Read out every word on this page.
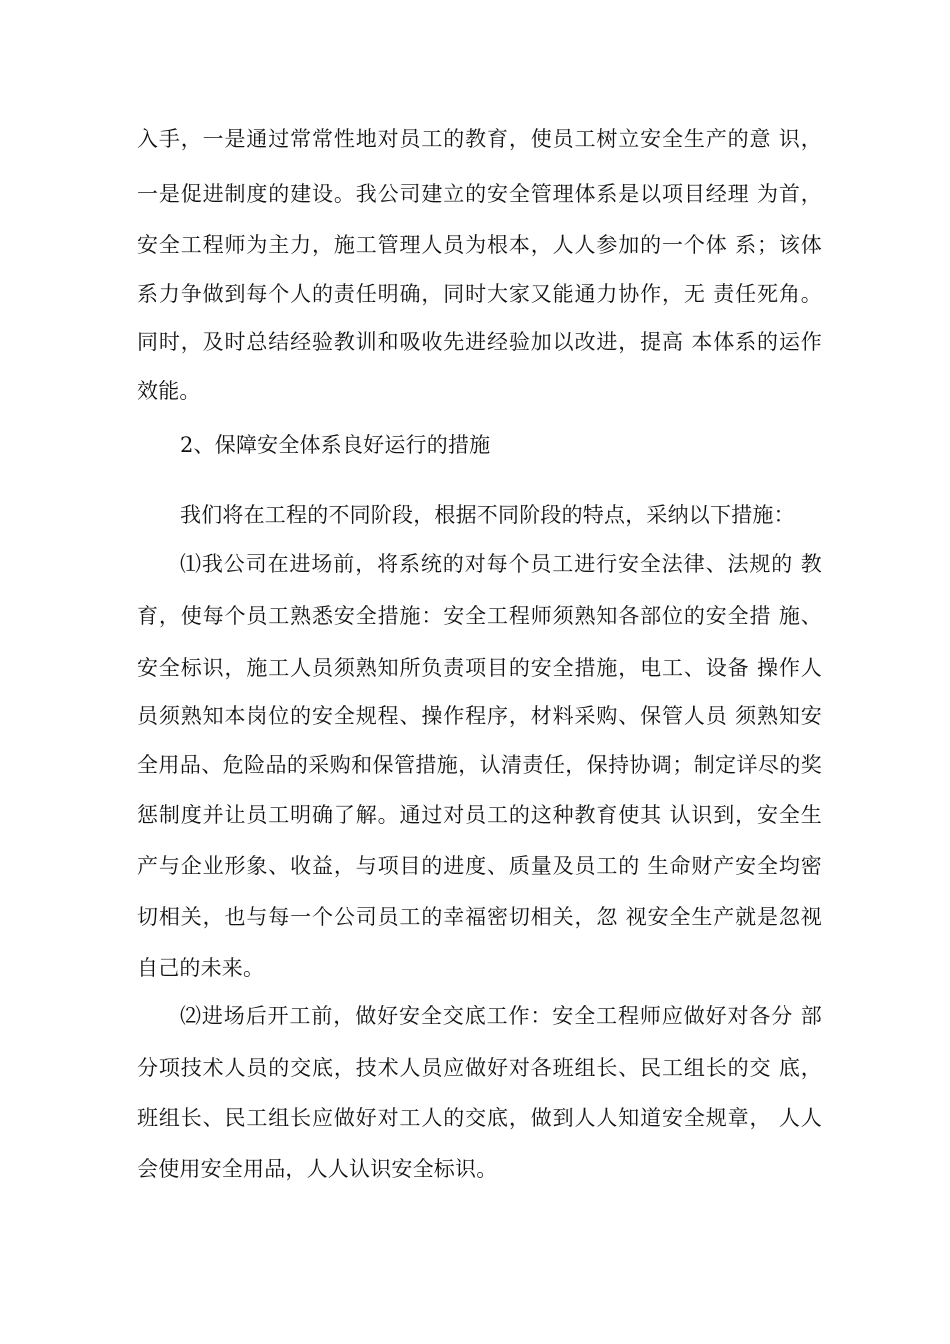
入手，一是通过常常性地对员工的教育，使员工树立安全生产的意 识，
一是促进制度的建设。我公司建立的安全管理体系是以项目经理 为首，
安全工程师为主力，施工管理人员为根本，人人参加的一个体 系；该体
系力争做到每个人的责任明确，同时大家又能通力协作，无 责任死角。
同时，及时总结经验教训和吸收先进经验加以改进，提高 本体系的运作
效能。
2、保障安全体系良好运行的措施
我们将在工程的不同阶段，根据不同阶段的特点，采纳以下措施：
⑴我公司在进场前，将系统的对每个员工进行安全法律、法规的 教
育，使每个员工熟悉安全措施：安全工程师须熟知各部位的安全措 施、
安全标识，施工人员须熟知所负责项目的安全措施，电工、设备 操作人
员须熟知本岗位的安全规程、操作程序，材料采购、保管人员 须熟知安
全用品、危险品的采购和保管措施，认清责任，保持协调；制定详尽的奖
惩制度并让员工明确了解。通过对员工的这种教育使其 认识到，安全生
产与企业形象、收益，与项目的进度、质量及员工的 生命财产安全均密
切相关，也与每一个公司员工的幸福密切相关，忽 视安全生产就是忽视
自己的未来。
⑵进场后开工前，做好安全交底工作：安全工程师应做好对各分 部
分项技术人员的交底，技术人员应做好对各班组长、民工组长的交 底，
班组长、民工组长应做好对工人的交底，做到人人知道安全规章， 人人
会使用安全用品，人人认识安全标识。
